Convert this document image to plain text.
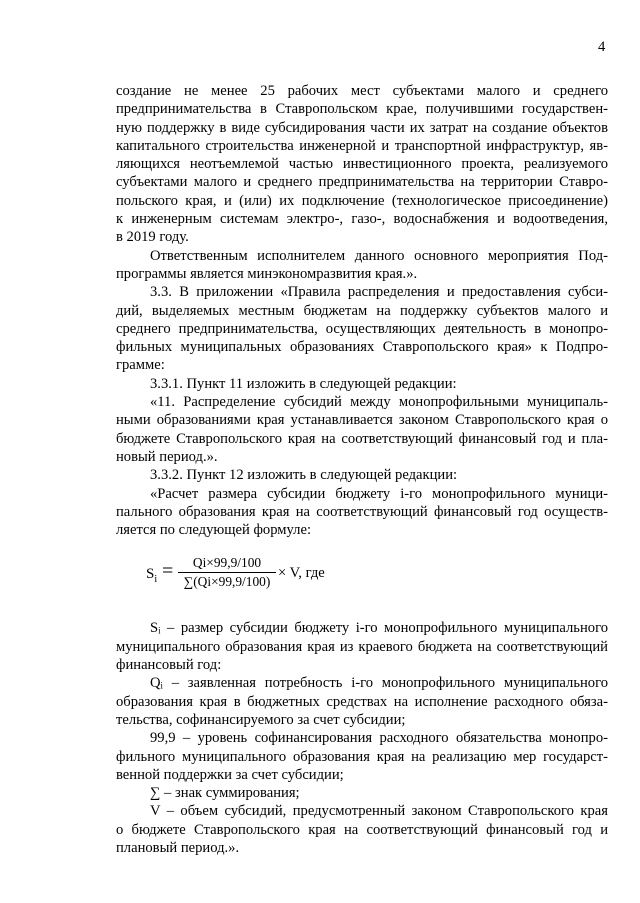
4
создание не менее 25 рабочих мест субъектами малого и среднего
предпринимательства в Ставропольском крае, получившими государствен-
ную поддержку в виде субсидирования части их затрат на создание объектов
капитального строительства инженерной и транспортной инфраструктур, яв-
ляющихся неотъемлемой частью инвестиционного проекта, реализуемого
субъектами малого и среднего предпринимательства на территории Ставро-
польского края, и (или) их подключение (технологическое присоединение)
к инженерным системам электро-, газо-, водоснабжения и водоотведения,
в 2019 году.
Ответственным исполнителем данного основного мероприятия Под-
программы является минэкономразвития края.».
3.3. В приложении «Правила распределения и предоставления субси-
дий, выделяемых местным бюджетам на поддержку субъектов малого и
среднего предпринимательства, осуществляющих деятельность в монопро-
фильных муниципальных образованиях Ставропольского края» к Подпро-
грамме:
3.3.1. Пункт 11 изложить в следующей редакции:
«11. Распределение субсидий между монопрофильными муниципаль-
ными образованиями края устанавливается законом Ставропольского края о
бюджете Ставропольского края на соответствующий финансовый год и пла-
новый период.».
3.3.2. Пункт 12 изложить в следующей редакции:
«Расчет размера субсидии бюджету i-го монопрофильного муници-
пального образования края на соответствующий финансовый год осуществ-
ляется по следующей формуле:
$S_i = \frac{Qi\times 99,9/100}{\sum(Qi\times 99,9/100)} \times V$, где
Sᵢ – размер субсидии бюджету i-го монопрофильного муниципального
муниципального образования края из краевого бюджета на соответствующий
финансовый год:
Qᵢ – заявленная потребность i-го монопрофильного муниципального
образования края в бюджетных средствах на исполнение расходного обяза-
тельства, софинансируемого за счет субсидии;
99,9 – уровень софинансирования расходного обязательства монопро-
фильного муниципального образования края на реализацию мер государст-
венной поддержки за счет субсидии;
∑ – знак суммирования;
V – объем субсидий, предусмотренный законом Ставропольского края
о бюджете Ставропольского края на соответствующий финансовый год и
плановый период.».
